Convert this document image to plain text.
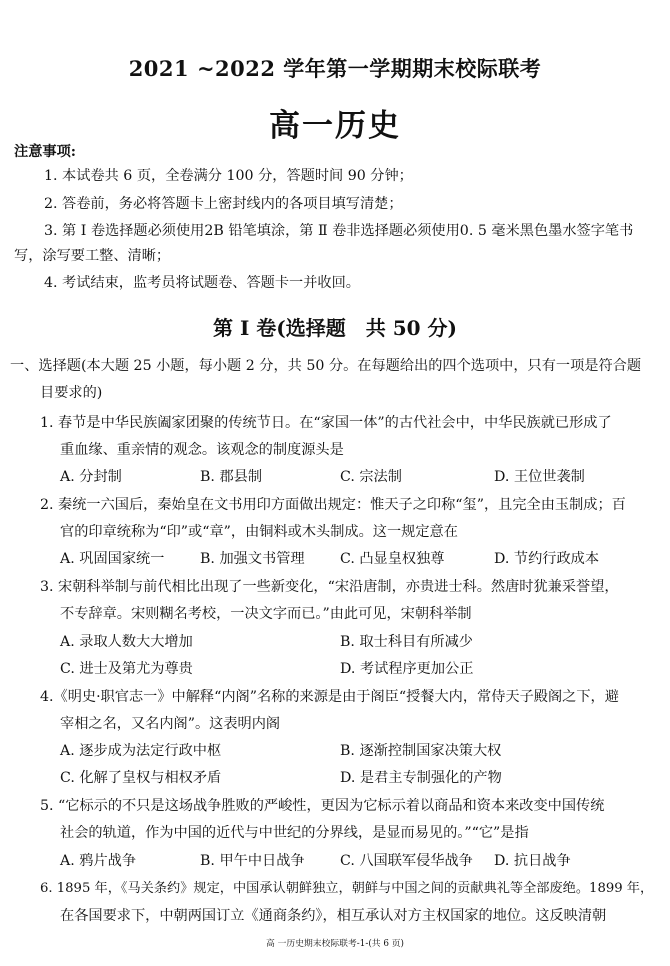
2021 ~2022 学年第一学期期末校际联考
高一历史
注意事项:
1. 本试卷共 6 页，全卷满分 100 分，答题时间 90 分钟；
2. 答卷前，务必将答题卡上密封线内的各项目填写清楚；
3. 第 Ⅰ 卷选择题必须使用2B 铅笔填涂，第 Ⅱ 卷非选择题必须使用0. 5 毫米黑色墨水签字笔书
写，涂写要工整、清晰；
4. 考试结束，监考员将试题卷、答题卡一并收回。
第 Ⅰ 卷(选择题　共 50 分)
一、选择题(本大题 25 小题，每小题 2 分，共 50 分。在每题给出的四个选项中，只有一项是符合题
目要求的)
1. 春节是中华民族阖家团聚的传统节日。在“家国一体”的古代社会中，中华民族就已形成了
重血缘、重亲情的观念。该观念的制度源头是
A. 分封制	B. 郡县制	C. 宗法制	D. 王位世袭制
2. 秦统一六国后，秦始皇在文书用印方面做出规定：惟天子之印称“玺”，且完全由玉制成；百
官的印章统称为“印”或“章”，由铜料或木头制成。这一规定意在
A. 巩固国家统一	B. 加强文书管理 C. 凸显皇权独尊	D. 节约行政成本
3. 宋朝科举制与前代相比出现了一些新变化，“宋沿唐制，亦贵进士科。然唐时犹兼采誉望，
不专辞章。宋则糊名考校，一决文字而已。”由此可见，宋朝科举制
A. 录取人数大大增加	B. 取士科目有所减少
C. 进士及第尤为尊贵	D. 考试程序更加公正
4.《明史·职官志一》中解释“内阁”名称的来源是由于阁臣“授餐大内，常侍天子殿阁之下，避
宰相之名，又名内阁”。这表明内阁
A. 逐步成为法定行政中枢	B. 逐渐控制国家决策大权
C. 化解了皇权与相权矛盾	D. 是君主专制强化的产物
5. “它标示的不只是这场战争胜败的严峻性，更因为它标示着以商品和资本来改变中国传统
社会的轨道，作为中国的近代与中世纪的分界线，是显而易见的。”“它”是指
A. 鸦片战争	B. 甲午中日战争 C. 八国联军侵华战争 D. 抗日战争
6. 1895 年，《马关条约》规定，中国承认朝鲜独立，朝鲜与中国之间的贡献典礼等全部废绝。1899 年，
在各国要求下，中朝两国订立《通商条约》，相互承认对方主权国家的地位。这反映清朝
高 一历史期末校际联考-1-(共 6 页)
